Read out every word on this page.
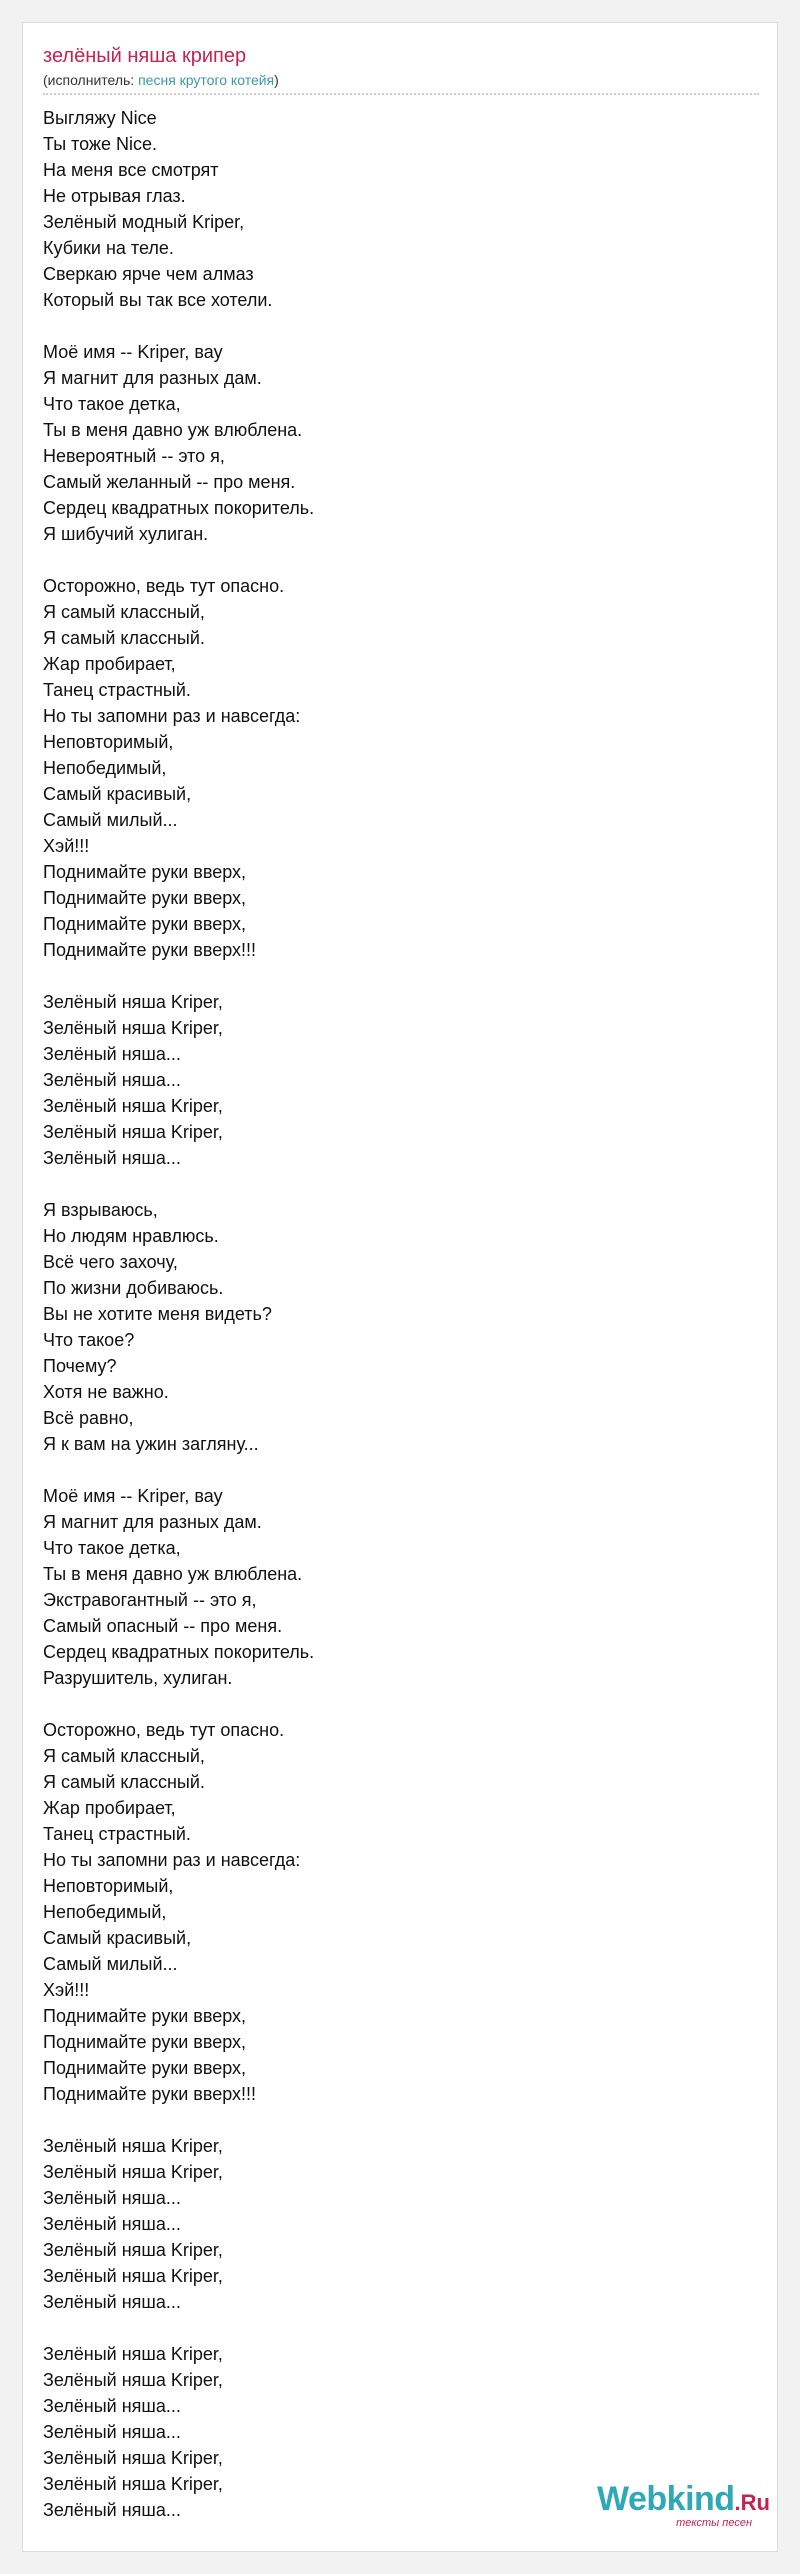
зелёный няша крипер
(исполнитель: песня крутого котейя)
Выгляжу Nice
Ты тоже Nice.
На меня все смотрят
Не отрывая глаз.
Зелёный модный Kriper,
Кубики на теле.
Сверкаю ярче чем алмаз
Который вы так все хотели.
Моё имя -- Kriper, вау
Я магнит для разных дам.
Что такое детка,
Ты в меня давно уж влюблена.
Невероятный -- это я,
Самый желанный -- про меня.
Сердец квадратных покоритель.
Я шибучий хулиган.
Осторожно, ведь тут опасно.
Я самый классный,
Я самый классный.
Жар пробирает,
Танец страстный.
Но ты запомни раз и навсегда:
Неповторимый,
Непобедимый,
Самый красивый,
Самый милый...
Хэй!!!
Поднимайте руки вверх,
Поднимайте руки вверх,
Поднимайте руки вверх,
Поднимайте руки вверх!!!
Зелёный няша Kriper,
Зелёный няша Kriper,
Зелёный няша...
Зелёный няша...
Зелёный няша Kriper,
Зелёный няша Kriper,
Зелёный няша...
Я взрываюсь,
Но людям нравлюсь.
Всё чего захочу,
По жизни добиваюсь.
Вы не хотите меня видеть?
Что такое?
Почему?
Хотя не важно.
Всё равно,
Я к вам на ужин загляну...
Моё имя -- Kriper, вау
Я магнит для разных дам.
Что такое детка,
Ты в меня давно уж влюблена.
Экстравогантный -- это я,
Самый опасный -- про меня.
Сердец квадратных покоритель.
Разрушитель, хулиган.
Осторожно, ведь тут опасно.
Я самый классный,
Я самый классный.
Жар пробирает,
Танец страстный.
Но ты запомни раз и навсегда:
Неповторимый,
Непобедимый,
Самый красивый,
Самый милый...
Хэй!!!
Поднимайте руки вверх,
Поднимайте руки вверх,
Поднимайте руки вверх,
Поднимайте руки вверх!!!
Зелёный няша Kriper,
Зелёный няша Kriper,
Зелёный няша...
Зелёный няша...
Зелёный няша Kriper,
Зелёный няша Kriper,
Зелёный няша...
Зелёный няша Kriper,
Зелёный няша Kriper,
Зелёный няша...
Зелёный няша...
Зелёный няша Kriper,
Зелёный няша Kriper,
Зелёный няша...	Webkind.Ru
тексты песен
